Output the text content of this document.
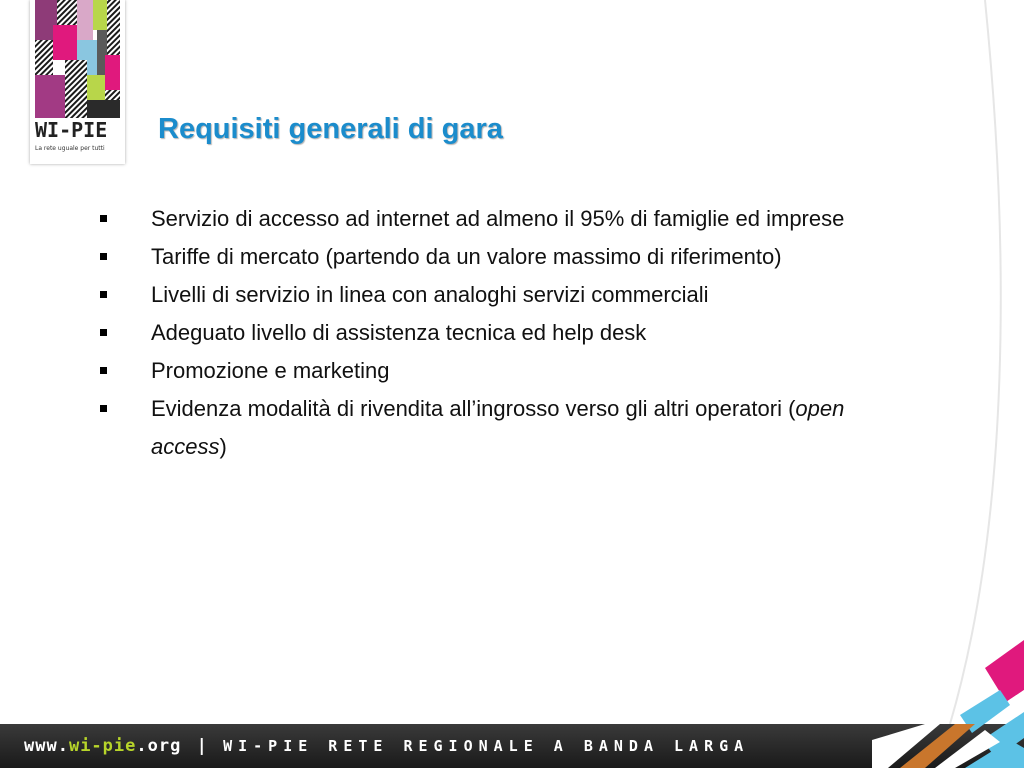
WI-PIE
La rete uguale per tutti
Requisiti generali di gara
Servizio di accesso ad internet ad almeno il 95% di famiglie ed imprese
Tariffe di mercato (partendo da un valore massimo di riferimento)
Livelli di servizio in linea con analoghi servizi commerciali
Adeguato livello di assistenza tecnica ed help desk
Promozione e marketing
Evidenza modalità di rivendita all’ingrosso verso gli altri operatori (open access)
www.wi-pie.org | WI-PIE RETE REGIONALE A BANDA LARGA
